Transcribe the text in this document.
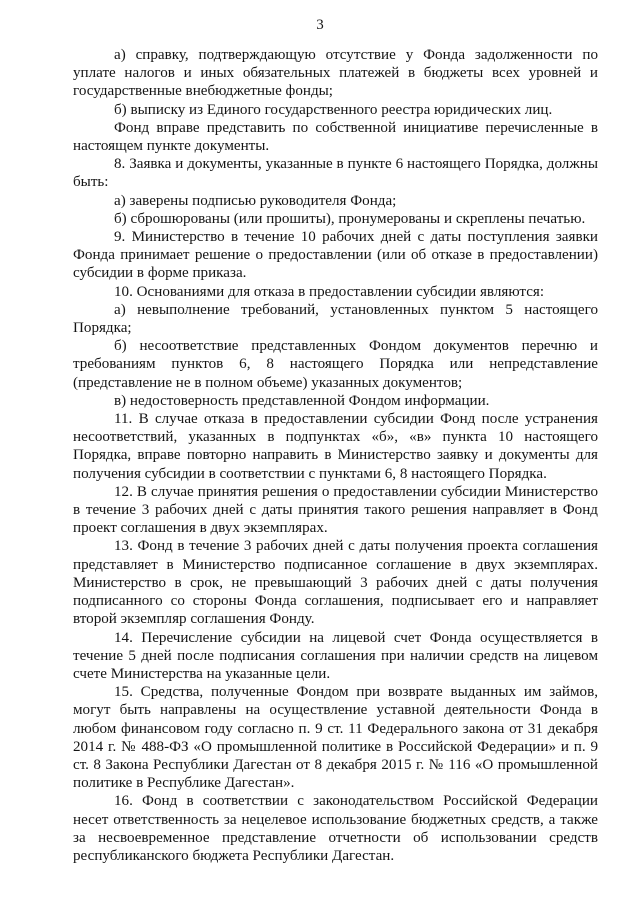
3

а) справку, подтверждающую отсутствие у Фонда задолженности по уплате налогов и иных обязательных платежей в бюджеты всех уровней и государственные внебюджетные фонды;

б) выписку из Единого государственного реестра юридических лиц.

Фонд вправе представить по собственной инициативе перечисленные в настоящем пункте документы.

8. Заявка и документы, указанные в пункте 6 настоящего Порядка, должны быть:

а) заверены подписью руководителя Фонда;

б) сброшюрованы (или прошиты), пронумерованы и скреплены печатью.

9. Министерство в течение 10 рабочих дней с даты поступления заявки Фонда принимает решение о предоставлении (или об отказе в предоставлении) субсидии в форме приказа.

10. Основаниями для отказа в предоставлении субсидии являются:

а) невыполнение требований, установленных пунктом 5 настоящего Порядка;

б) несоответствие представленных Фондом документов перечню и требованиям пунктов 6, 8 настоящего Порядка или непредставление (представление не в полном объеме) указанных документов;

в) недостоверность представленной Фондом информации.

11. В случае отказа в предоставлении субсидии Фонд после устранения несоответствий, указанных в подпунктах «б», «в» пункта 10 настоящего Порядка, вправе повторно направить в Министерство заявку и документы для получения субсидии в соответствии с пунктами 6, 8 настоящего Порядка.

12. В случае принятия решения о предоставлении субсидии Министерство в течение 3 рабочих дней с даты принятия такого решения направляет в Фонд проект соглашения в двух экземплярах.

13. Фонд в течение 3 рабочих дней с даты получения проекта соглашения представляет в Министерство подписанное соглашение в двух экземплярах. Министерство в срок, не превышающий 3 рабочих дней с даты получения подписанного со стороны Фонда соглашения, подписывает его и направляет второй экземпляр соглашения Фонду.

14. Перечисление субсидии на лицевой счет Фонда осуществляется в течение 5 дней после подписания соглашения при наличии средств на лицевом счете Министерства на указанные цели.

15. Средства, полученные Фондом при возврате выданных им займов, могут быть направлены на осуществление уставной деятельности Фонда в любом финансовом году согласно п. 9 ст. 11 Федерального закона от 31 декабря 2014 г. № 488-ФЗ «О промышленной политике в Российской Федерации» и п. 9 ст. 8 Закона Республики Дагестан от 8 декабря 2015 г. № 116 «О промышленной политике в Республике Дагестан».

16. Фонд в соответствии с законодательством Российской Федерации несет ответственность за нецелевое использование бюджетных средств, а также за несвоевременное представление отчетности об использовании средств республиканского бюджета Республики Дагестан.
